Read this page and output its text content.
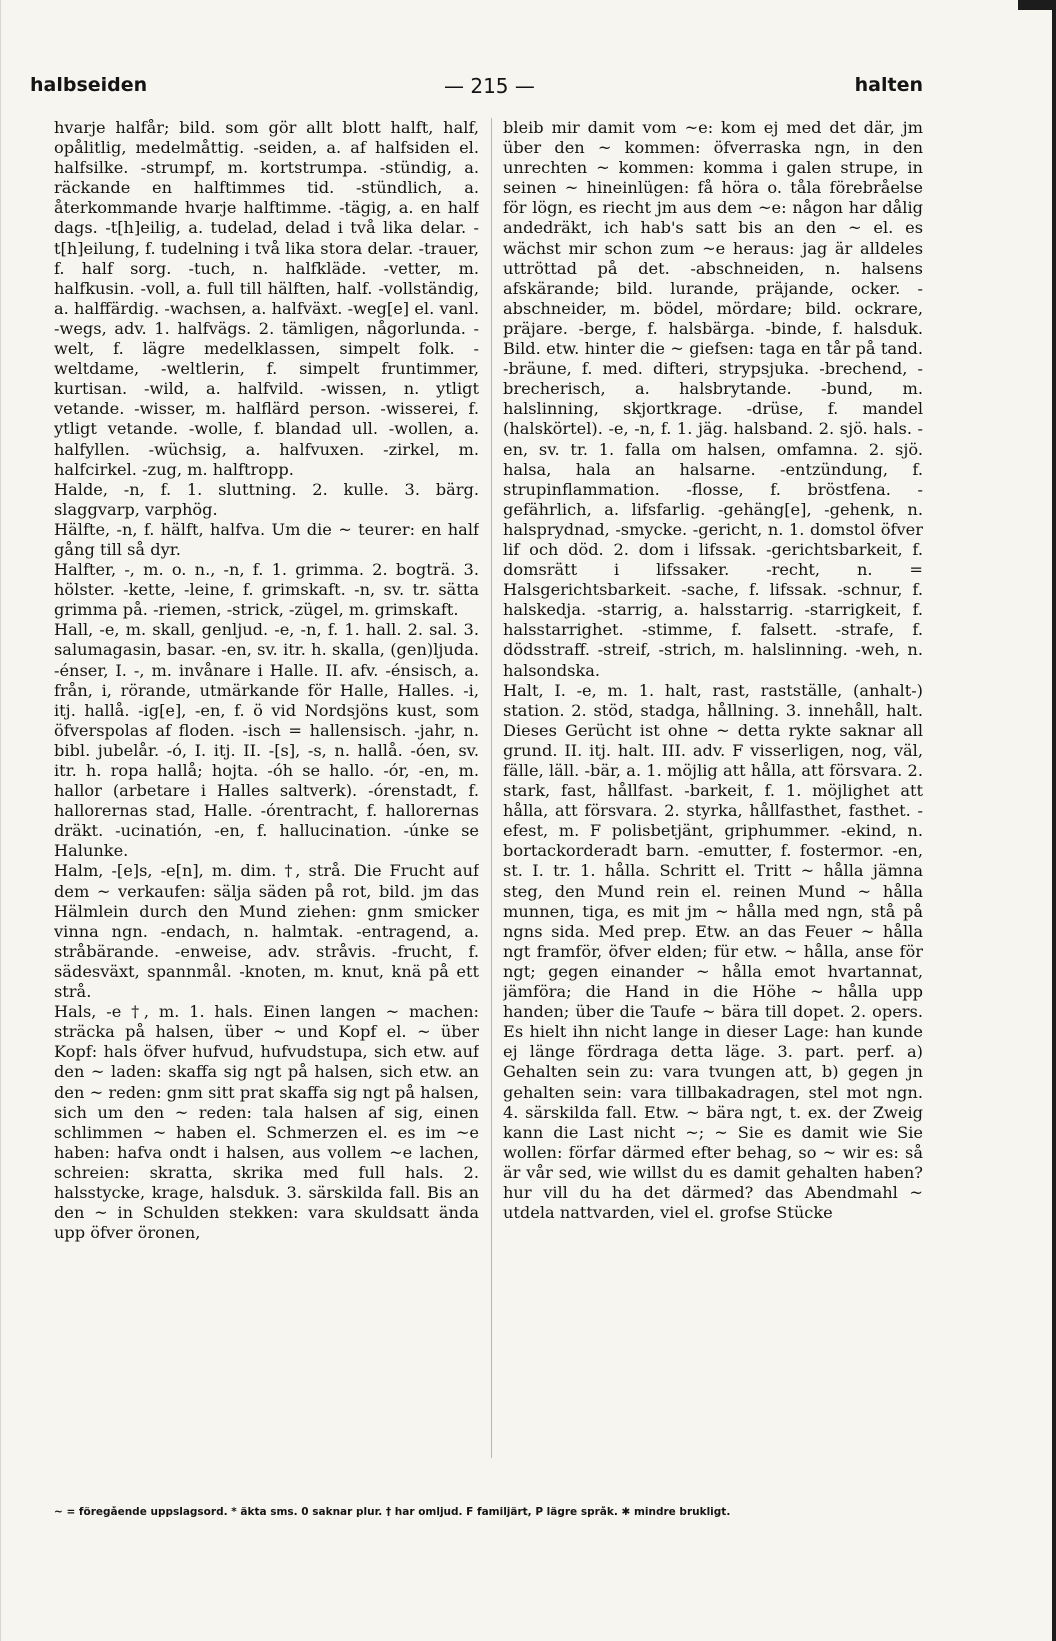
halbseiden	— 215 —	halten

hvarje halfår; bild. som gör allt blott halft, half, opålitlig, medelmåttig. -seiden, a. af halfsiden el. halfsilke. -strumpf, m. kortstrumpa. -stündig, a. räckande en halftimmes tid. -stündlich, a. återkommande hvarje halftimme. -tägig, a. en half dags. -t[h]eilig, a. tudelad, delad i två lika delar. -t[h]eilung, f. tudelning i två lika stora delar. -trauer, f. half sorg. -tuch, n. halfkläde. -vetter, m. halfkusin. -voll, a. full till hälften, half. -vollständig, a. halffärdig. -wachsen, a. halfväxt. -weg[e] el. vanl. -wegs, adv. 1. halfvägs. 2. tämligen, någorlunda. -welt, f. lägre medelklassen, simpelt folk. -weltdame, -weltlerin, f. simpelt fruntimmer, kurtisan. -wild, a. halfvild. -wissen, n. ytligt vetande. -wisser, m. halflärd person. -wisserei, f. ytligt vetande. -wolle, f. blandad ull. -wollen, a. halfyllen. -wüchsig, a. halfvuxen. -zirkel, m. halfcirkel. -zug, m. halftropp.

Halde, -n, f. 1. sluttning. 2. kulle. 3. bärg. slaggvarp, varphög.

Hälfte, -n, f. hälft, halfva. Um die ~ teurer: en half gång till så dyr.

Halfter, -, m. o. n., -n, f. 1. grimma. 2. bogträ. 3. hölster. -kette, -leine, f. grimskaft. -n, sv. tr. sätta grimma på. -riemen, -strick, -zügel, m. grimskaft.

Hall, -e, m. skall, genljud. -e, -n, f. 1. hall. 2. sal. 3. salumagasin, basar. -en, sv. itr. h. skalla, (gen)ljuda. -énser, I. -, m. invånare i Halle. II. afv. -énsisch, a. från, i, rörande, utmärkande för Halle, Halles. -i, itj. hallå. -ig[e], -en, f. ö vid Nordsjöns kust, som öfverspolas af floden. -isch = hallensisch. -jahr, n. bibl. jubelår. -ó, I. itj. II. -[s], -s, n. hallå. -óen, sv. itr. h. ropa hallå; hojta. -óh se hallo. -ór, -en, m. hallor (arbetare i Halles saltverk). -órenstadt, f. hallorernas stad, Halle. -órentracht, f. hallorernas dräkt. -ucinatión, -en, f. hallucination. -únke se Halunke.

Halm, -[e]s, -e[n], m. dim. †, strå. Die Frucht auf dem ~ verkaufen: sälja säden på rot, bild. jm das Hälmlein durch den Mund ziehen: gnm smicker vinna ngn. -endach, n. halmtak. -entragend, a. stråbärande. -enweise, adv. stråvis. -frucht, f. sädesväxt, spannmål. -knoten, m. knut, knä på ett strå.

Hals, -e †, m. 1. hals. Einen langen ~ machen: sträcka på halsen, über ~ und Kopf el. ~ über Kopf: hals öfver hufvud, hufvudstupa, sich etw. auf den ~ laden: skaffa sig ngt på halsen, sich etw. an den ~ reden: gnm sitt prat skaffa sig ngt på halsen, sich um den ~ reden: tala halsen af sig, einen schlimmen ~ haben el. Schmerzen el. es im ~e haben: hafva ondt i halsen, aus vollem ~e lachen, schreien: skratta, skrika med full hals. 2. halsstycke, krage, halsduk. 3. särskilda fall. Bis an den ~ in Schulden stekken: vara skuldsatt ända upp öfver öronen,

bleib mir damit vom ~e: kom ej med det där, jm über den ~ kommen: öfverraska ngn, in den unrechten ~ kommen: komma i galen strupe, in seinen ~ hineinlügen: få höra o. tåla förebråelse för lögn, es riecht jm aus dem ~e: någon har dålig andedräkt, ich hab's satt bis an den ~ el. es wächst mir schon zum ~e heraus: jag är alldeles uttröttad på det. -abschneiden, n. halsens afskärande; bild. lurande, präjande, ocker. -abschneider, m. bödel, mördare; bild. ockrare, präjare. -berge, f. halsbärga. -binde, f. halsduk. Bild. etw. hinter die ~ giefsen: taga en tår på tand. -bräune, f. med. difteri, strypsjuka. -brechend, -brecherisch, a. halsbrytande. -bund, m. halslinning, skjortkrage. -drüse, f. mandel (halskörtel). -e, -n, f. 1. jäg. halsband. 2. sjö. hals. -en, sv. tr. 1. falla om halsen, omfamna. 2. sjö. halsa, hala an halsarne. -entzündung, f. strupinflammation. -flosse, f. bröstfena. -gefährlich, a. lifsfarlig. -gehäng[e], -gehenk, n. halsprydnad, -smycke. -gericht, n. 1. domstol öfver lif och död. 2. dom i lifssak. -gerichtsbarkeit, f. domsrätt i lifssaker. -recht, n. = Halsgerichtsbarkeit. -sache, f. lifssak. -schnur, f. halskedja. -starrig, a. halsstarrig. -starrigkeit, f. halsstarrighet. -stimme, f. falsett. -strafe, f. dödsstraff. -streif, -strich, m. halslinning. -weh, n. halsondska.

Halt, I. -e, m. 1. halt, rast, rastställe, (anhalt-) station. 2. stöd, stadga, hållning. 3. innehåll, halt. Dieses Gerücht ist ohne ~ detta rykte saknar all grund. II. itj. halt. III. adv. F visserligen, nog, väl, fälle, läll. -bär, a. 1. möjlig att hålla, att försvara. 2. stark, fast, hållfast. -barkeit, f. 1. möjlighet att hålla, att försvara. 2. styrka, hållfasthet, fasthet. -efest, m. F polisbetjänt, griphummer. -ekind, n. bortackorderadt barn. -emutter, f. fostermor. -en, st. I. tr. 1. hålla. Schritt el. Tritt ~ hålla jämna steg, den Mund rein el. reinen Mund ~ hålla munnen, tiga, es mit jm ~ hålla med ngn, stå på ngns sida. Med prep. Etw. an das Feuer ~ hålla ngt framför, öfver elden; für etw. ~ hålla, anse för ngt; gegen einander ~ hålla emot hvartannat, jämföra; die Hand in die Höhe ~ hålla upp handen; über die Taufe ~ bära till dopet. 2. opers. Es hielt ihn nicht lange in dieser Lage: han kunde ej länge fördraga detta läge. 3. part. perf. a) Gehalten sein zu: vara tvungen att, b) gegen jn gehalten sein: vara tillbakadragen, stel mot ngn. 4. särskilda fall. Etw. ~ bära ngt, t. ex. der Zweig kann die Last nicht ~; ~ Sie es damit wie Sie wollen: förfar därmed efter behag, so ~ wir es: så är vår sed, wie willst du es damit gehalten haben? hur vill du ha det därmed? das Abendmahl ~ utdela nattvarden, viel el. grofse Stücke

~ = föregående uppslagsord. * äkta sms. 0 saknar plur. † har omljud. F familjärt, P lägre språk. ✱ mindre brukligt.
